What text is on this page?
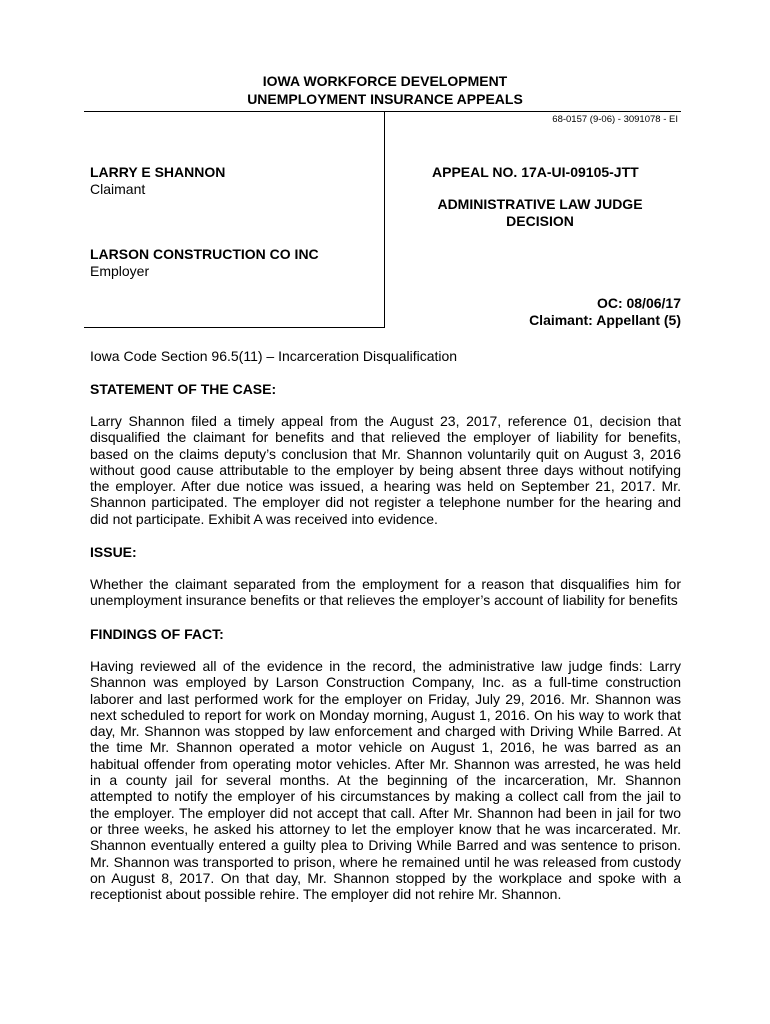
IOWA WORKFORCE DEVELOPMENT
UNEMPLOYMENT INSURANCE APPEALS
68-0157 (9-06) - 3091078 - EI
LARRY E SHANNON
Claimant
LARSON CONSTRUCTION CO INC
Employer
APPEAL NO. 17A-UI-09105-JTT
ADMINISTRATIVE LAW JUDGE
DECISION
OC: 08/06/17
Claimant: Appellant (5)
Iowa Code Section 96.5(11) – Incarceration Disqualification
STATEMENT OF THE CASE:

Larry Shannon filed a timely appeal from the August 23, 2017, reference 01, decision that disqualified the claimant for benefits and that relieved the employer of liability for benefits, based on the claims deputy’s conclusion that Mr. Shannon voluntarily quit on August 3, 2016 without good cause attributable to the employer by being absent three days without notifying the employer. After due notice was issued, a hearing was held on September 21, 2017. Mr. Shannon participated. The employer did not register a telephone number for the hearing and did not participate. Exhibit A was received into evidence.

ISSUE:

Whether the claimant separated from the employment for a reason that disqualifies him for unemployment insurance benefits or that relieves the employer’s account of liability for benefits

FINDINGS OF FACT:

Having reviewed all of the evidence in the record, the administrative law judge finds: Larry Shannon was employed by Larson Construction Company, Inc. as a full-time construction laborer and last performed work for the employer on Friday, July 29, 2016. Mr. Shannon was next scheduled to report for work on Monday morning, August 1, 2016. On his way to work that day, Mr. Shannon was stopped by law enforcement and charged with Driving While Barred. At the time Mr. Shannon operated a motor vehicle on August 1, 2016, he was barred as an habitual offender from operating motor vehicles. After Mr. Shannon was arrested, he was held in a county jail for several months. At the beginning of the incarceration, Mr. Shannon attempted to notify the employer of his circumstances by making a collect call from the jail to the employer. The employer did not accept that call. After Mr. Shannon had been in jail for two or three weeks, he asked his attorney to let the employer know that he was incarcerated. Mr. Shannon eventually entered a guilty plea to Driving While Barred and was sentence to prison. Mr. Shannon was transported to prison, where he remained until he was released from custody on August 8, 2017. On that day, Mr. Shannon stopped by the workplace and spoke with a receptionist about possible rehire. The employer did not rehire Mr. Shannon.
